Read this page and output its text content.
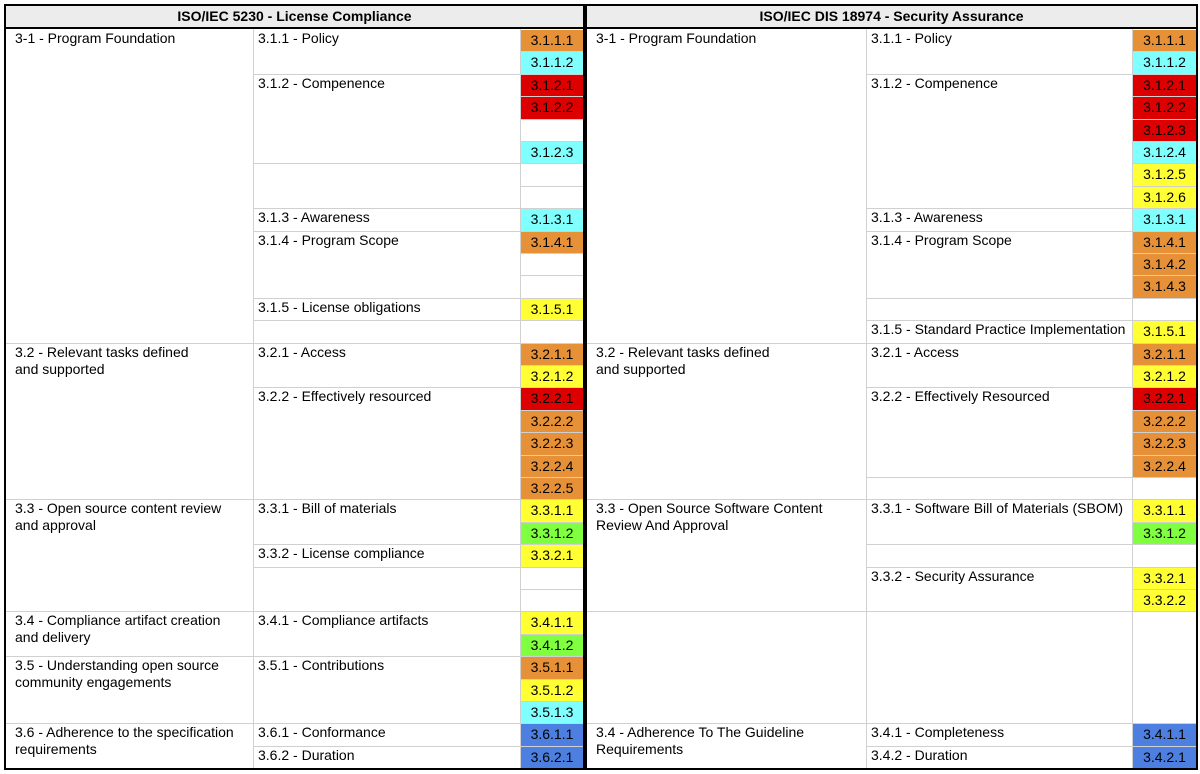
ISO/IEC 5230 - License Compliance	ISO/IEC DIS 18974 - Security Assurance
3-1 - Program Foundation
3.2 - Relevant tasks defined
and supported
3.3 - Open source content review
and approval
3.4 - Compliance artifact creation
and delivery
3.5 - Understanding open source
community engagements
3.6 - Adherence to the specification
requirements
3.1.1 - Policy
3.1.2 - Compenence
3.1.3 - Awareness
3.1.4 - Program Scope
3.1.5 - License obligations
3.2.1 - Access
3.2.2 - Effectively resourced
3.3.1 - Bill of materials
3.3.2 - License compliance
3.4.1 - Compliance artifacts
3.5.1 - Contributions
3.6.1 - Conformance
3.6.2 - Duration
3.1.1.1
3.1.1.2
3.1.2.1
3.1.2.2
3.1.2.3
3.1.3.1
3.1.4.1
3.1.5.1
3.2.1.1
3.2.1.2
3.2.2.1
3.2.2.2
3.2.2.3
3.2.2.4
3.2.2.5
3.3.1.1
3.3.1.2
3.3.2.1
3.4.1.1
3.4.1.2
3.5.1.1
3.5.1.2
3.5.1.3
3.6.1.1
3.6.2.1
3-1 - Program Foundation
3.2 - Relevant tasks defined
and supported
3.3 - Open Source Software Content
Review And Approval
3.4 - Adherence To The Guideline
Requirements
3.1.1 - Policy
3.1.2 - Compenence
3.1.3 - Awareness
3.1.4 - Program Scope
3.1.5 - Standard Practice Implementation
3.2.1 - Access
3.2.2 - Effectively Resourced
3.3.1 - Software Bill of Materials (SBOM)
3.3.2 - Security Assurance
3.4.1 - Completeness
3.4.2 - Duration
3.1.1.1
3.1.1.2
3.1.2.1
3.1.2.2
3.1.2.3
3.1.2.4
3.1.2.5
3.1.2.6
3.1.3.1
3.1.4.1
3.1.4.2
3.1.4.3
3.1.5.1
3.2.1.1
3.2.1.2
3.2.2.1
3.2.2.2
3.2.2.3
3.2.2.4
3.3.1.1
3.3.1.2
3.3.2.1
3.3.2.2
3.4.1.1
3.4.2.1
